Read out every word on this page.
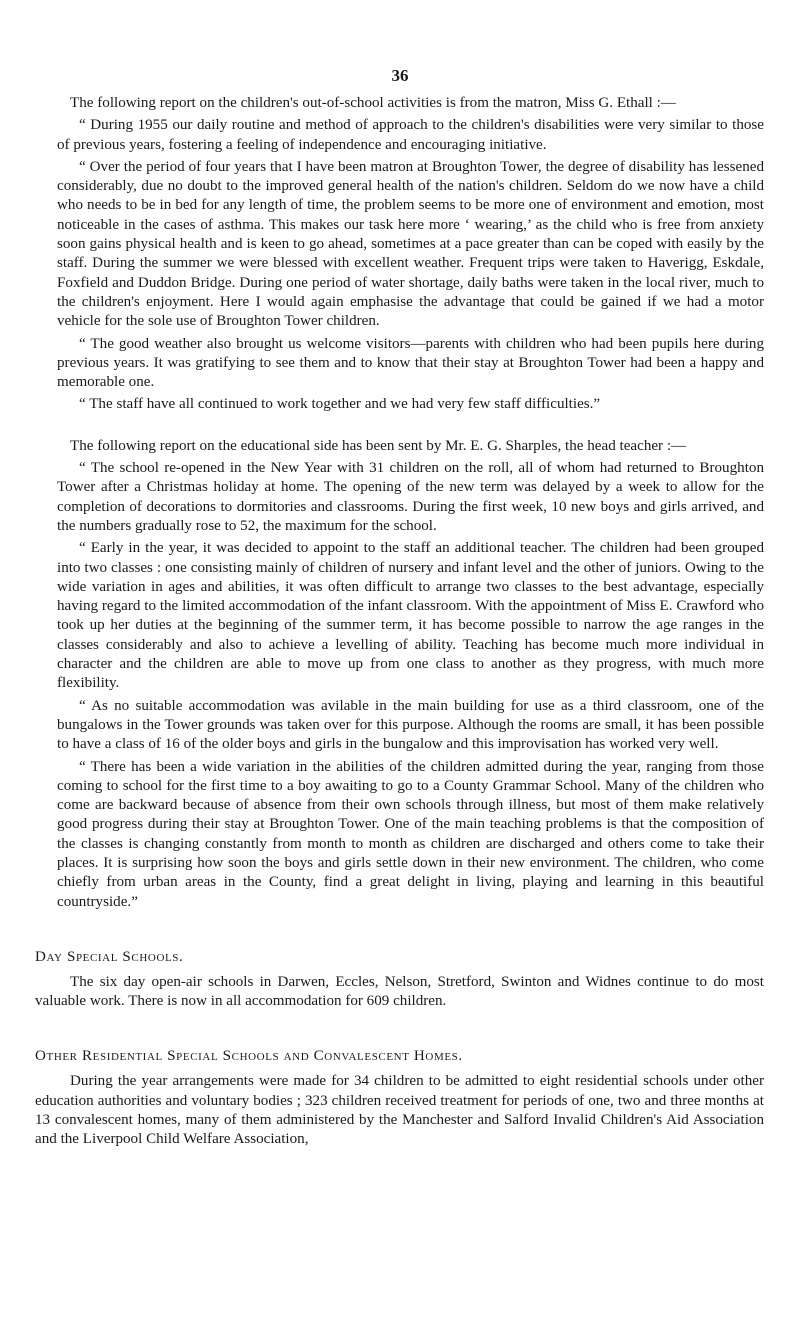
36

The following report on the children's out-of-school activities is from the matron, Miss G. Ethall :—

“ During 1955 our daily routine and method of approach to the children's disabilities were very similar to those of previous years, fostering a feeling of independence and encouraging initiative.

“ Over the period of four years that I have been matron at Broughton Tower, the degree of disability has lessened considerably, due no doubt to the improved general health of the nation's children. Seldom do we now have a child who needs to be in bed for any length of time, the problem seems to be more one of environment and emotion, most noticeable in the cases of asthma. This makes our task here more ‘ wearing,’ as the child who is free from anxiety soon gains physical health and is keen to go ahead, sometimes at a pace greater than can be coped with easily by the staff. During the summer we were blessed with excellent weather. Frequent trips were taken to Haverigg, Eskdale, Foxfield and Duddon Bridge. During one period of water shortage, daily baths were taken in the local river, much to the children's enjoyment. Here I would again emphasise the advantage that could be gained if we had a motor vehicle for the sole use of Broughton Tower children.

“ The good weather also brought us welcome visitors—parents with children who had been pupils here during previous years. It was gratifying to see them and to know that their stay at Broughton Tower had been a happy and memorable one.

“ The staff have all continued to work together and we had very few staff difficulties.”

The following report on the educational side has been sent by Mr. E. G. Sharples, the head teacher :—

“ The school re-opened in the New Year with 31 children on the roll, all of whom had returned to Broughton Tower after a Christmas holiday at home. The opening of the new term was delayed by a week to allow for the completion of decorations to dormitories and classrooms. During the first week, 10 new boys and girls arrived, and the numbers gradually rose to 52, the maximum for the school.

“ Early in the year, it was decided to appoint to the staff an additional teacher. The children had been grouped into two classes : one consisting mainly of children of nursery and infant level and the other of juniors. Owing to the wide variation in ages and abilities, it was often difficult to arrange two classes to the best advantage, especially having regard to the limited accommodation of the infant classroom. With the appointment of Miss E. Crawford who took up her duties at the beginning of the summer term, it has become possible to narrow the age ranges in the classes considerably and also to achieve a levelling of ability. Teaching has become much more individual in character and the children are able to move up from one class to another as they progress, with much more flexibility.

“ As no suitable accommodation was avilable in the main building for use as a third classroom, one of the bungalows in the Tower grounds was taken over for this purpose. Although the rooms are small, it has been possible to have a class of 16 of the older boys and girls in the bungalow and this improvisation has worked very well.

“ There has been a wide variation in the abilities of the children admitted during the year, ranging from those coming to school for the first time to a boy awaiting to go to a County Grammar School. Many of the children who come are backward because of absence from their own schools through illness, but most of them make relatively good progress during their stay at Broughton Tower. One of the main teaching problems is that the composition of the classes is changing constantly from month to month as children are discharged and others come to take their places. It is surprising how soon the boys and girls settle down in their new environment. The children, who come chiefly from urban areas in the County, find a great delight in living, playing and learning in this beautiful countryside.”

Day Special Schools.

The six day open-air schools in Darwen, Eccles, Nelson, Stretford, Swinton and Widnes continue to do most valuable work. There is now in all accommodation for 609 children.

Other Residential Special Schools and Convalescent Homes.

During the year arrangements were made for 34 children to be admitted to eight residential schools under other education authorities and voluntary bodies ; 323 children received treatment for periods of one, two and three months at 13 convalescent homes, many of them administered by the Manchester and Salford Invalid Children's Aid Association and the Liverpool Child Welfare Association,
